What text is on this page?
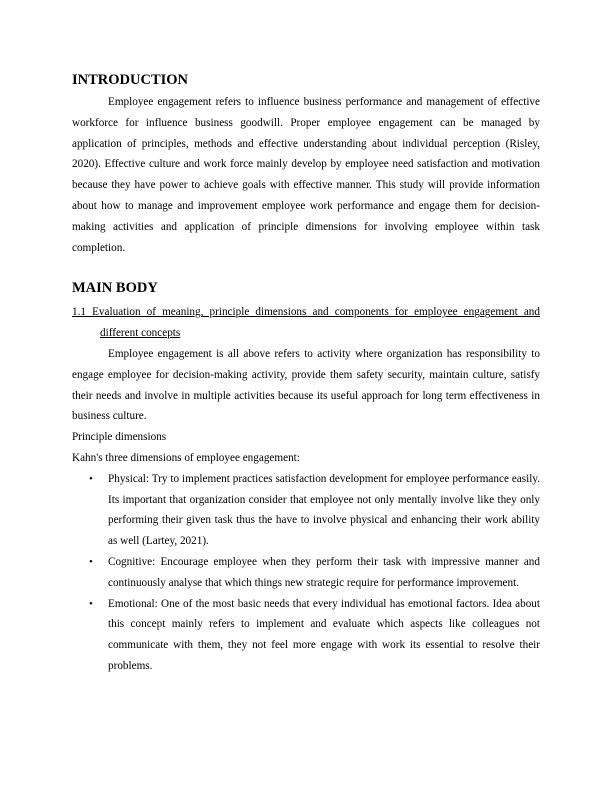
INTRODUCTION

Employee engagement refers to influence business performance and management of effective workforce for influence business goodwill. Proper employee engagement can be managed by application of principles, methods and effective understanding about individual perception (Risley, 2020). Effective culture and work force mainly develop by employee need satisfaction and motivation because they have power to achieve goals with effective manner. This study will provide information about how to manage and improvement employee work performance and engage them for decision-making activities and application of principle dimensions for involving employee within task completion.

MAIN BODY

1.1 Evaluation of meaning, principle dimensions and components for employee engagement and different concepts

Employee engagement is all above refers to activity where organization has responsibility to engage employee for decision-making activity, provide them safety security, maintain culture, satisfy their needs and involve in multiple activities because its useful approach for long term effectiveness in business culture.

Principle dimensions

Kahn's three dimensions of employee engagement:

• Physical: Try to implement practices satisfaction development for employee performance easily. Its important that organization consider that employee not only mentally involve like they only performing their given task thus the have to involve physical and enhancing their work ability as well (Lartey, 2021).
• Cognitive: Encourage employee when they perform their task with impressive manner and continuously analyse that which things new strategic require for performance improvement.
• Emotional: One of the most basic needs that every individual has emotional factors. Idea about this concept mainly refers to implement and evaluate which aspects like colleagues not communicate with them, they not feel more engage with work its essential to resolve their problems.
